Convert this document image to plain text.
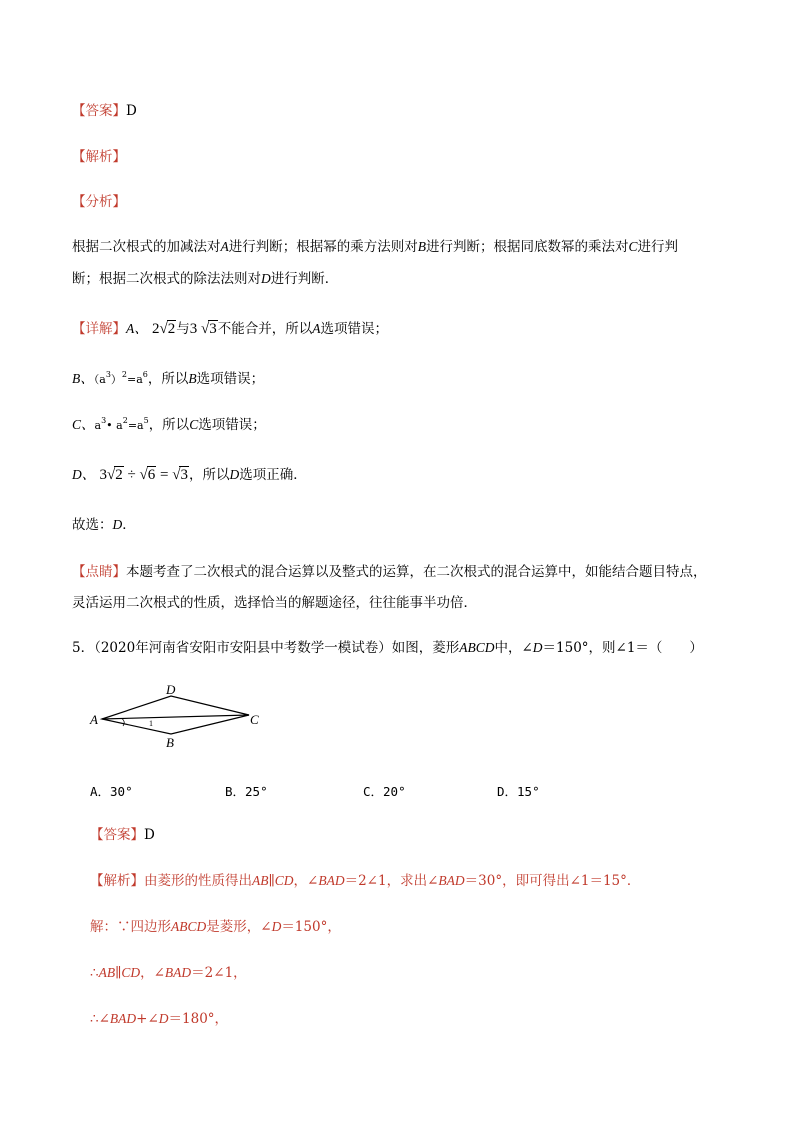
【答案】D
【解析】
【分析】
根据二次根式的加减法对A进行判断；根据幂的乘方法则对B进行判断；根据同底数幂的乘法对C进行判
断；根据二次根式的除法法则对D进行判断．
【详解】A、 2√2与3 √3不能合并，所以A选项错误；
B、$(a^3)^2=a^6$，所以B选项错误；
C、$a^3•$ $a^2=a^5$，所以C选项错误；
D、 3√2 ÷ √6 = √3，所以D选项正确．
故选：D．
【点睛】本题考查了二次根式的混合运算以及整式的运算，在二次根式的混合运算中，如能结合题目特点，
灵活运用二次根式的性质，选择恰当的解题途径，往往能事半功倍．
5．（2020年河南省安阳市安阳县中考数学一模试卷）如图，菱形ABCD中，∠D＝150°，则∠1＝（　　）
A
D
C
B
1
A．30°	B．25°	C．20°	D．15°
【答案】D
【解析】由菱形的性质得出AB∥CD，∠BAD＝2∠1，求出∠BAD＝30°，即可得出∠1＝15°．
解：∵四边形ABCD是菱形，∠D＝150°，
∴AB∥CD，∠BAD＝2∠1，
∴∠BAD+∠D＝180°，
